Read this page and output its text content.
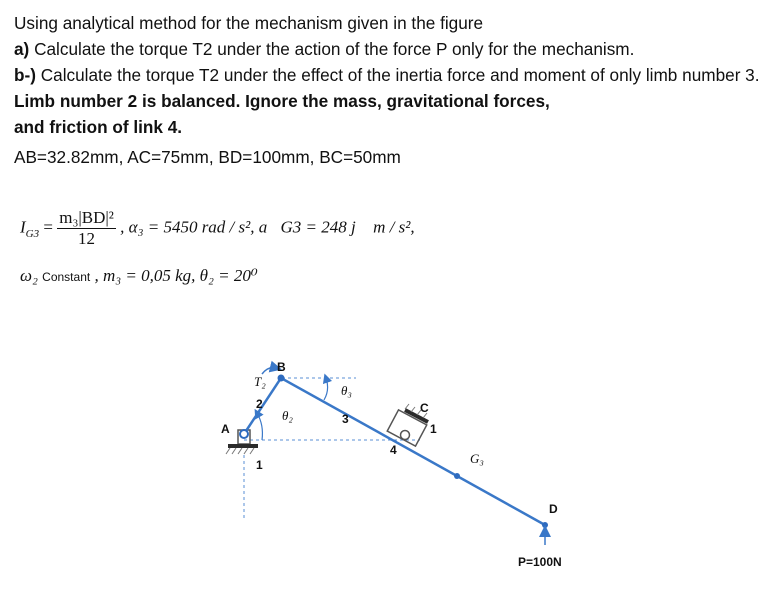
Using analytical method for the mechanism given in the figure
a) Calculate the torque T2 under the action of the force P only for the mechanism.
b-) Calculate the torque T2 under the effect of the inertia force and moment of only limb number 3.
Limb number 2 is balanced. Ignore the mass, gravitational forces,
and friction of link 4.
AB=32.82mm, AC=75mm, BD=100mm, BC=50mm
$I_{G3} = \frac{\text{m₃|BD|²}}{12}$ , α₃ = 5450 rad / s², a⃗G3 = 248 j⃗ m / s²,
ω₂ Constant , m₃ = 0,05 kg, θ₂ = 20⁰
A
B
C
D
1
1
2
3
4
P=100N
T₂
θ₂
θ₃
G₃
